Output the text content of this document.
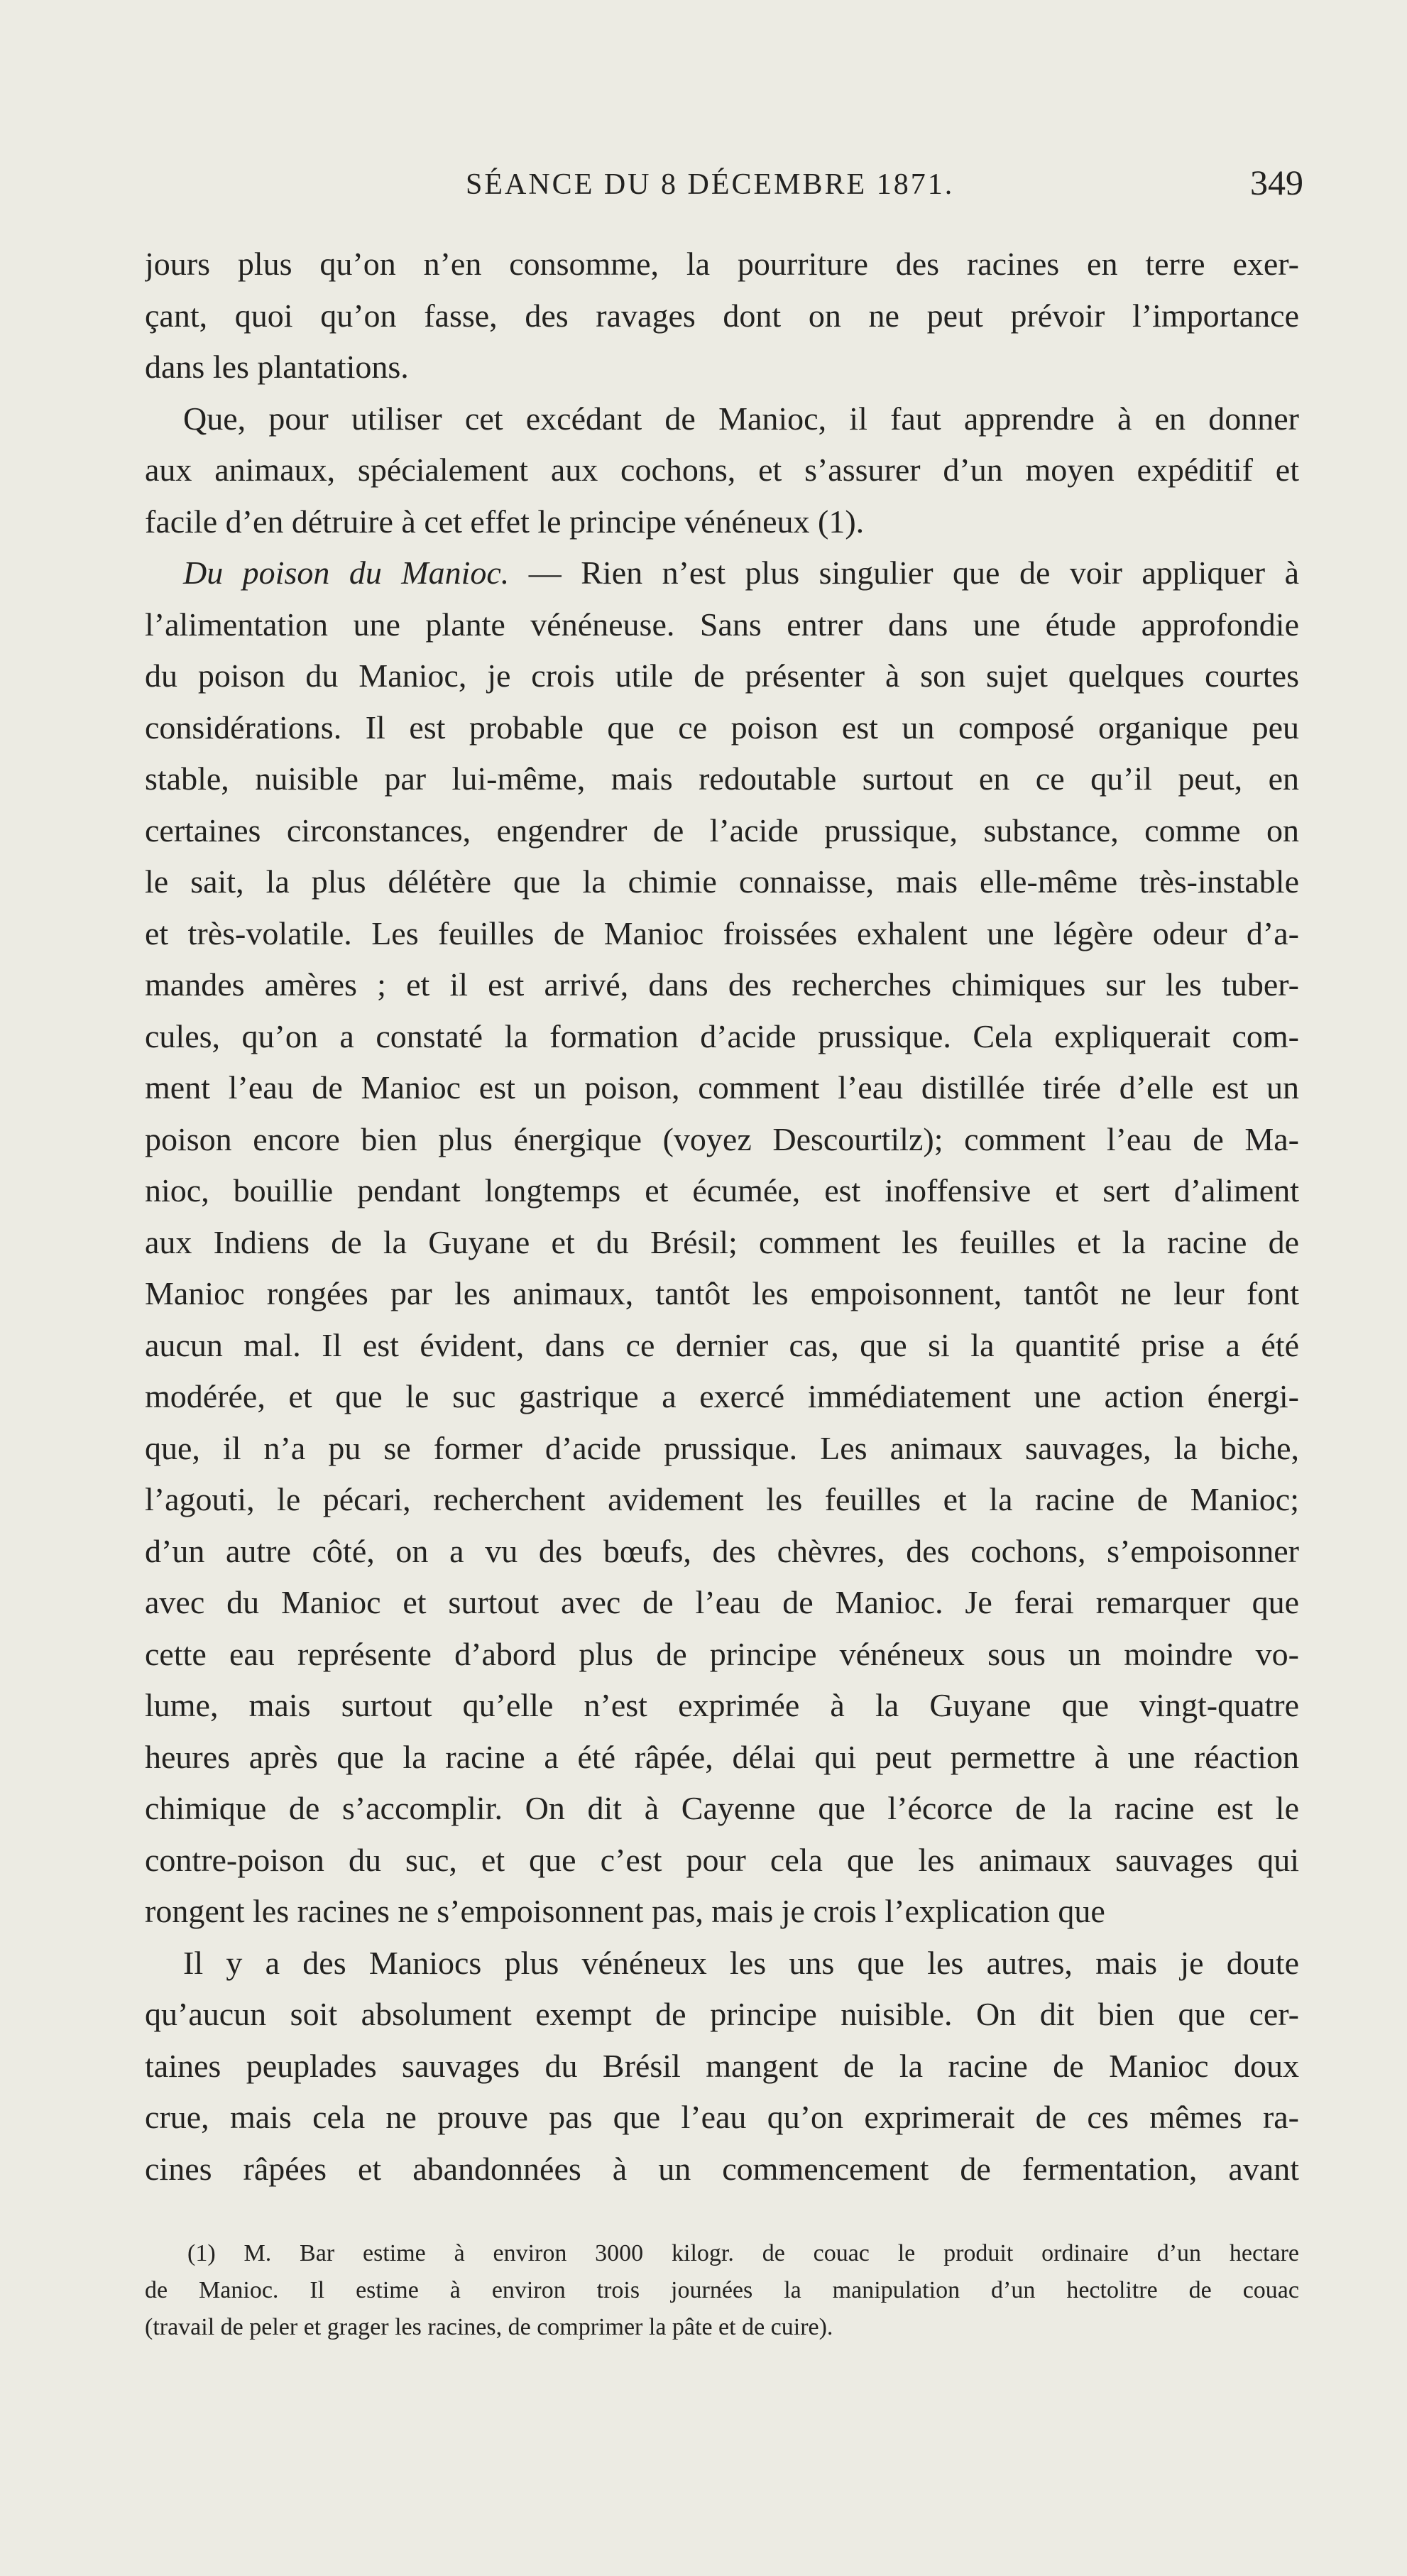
SÉANCE DU 8 DÉCEMBRE 1871.	349
jours plus qu’on n’en consomme, la pourriture des racines en terre exer-
çant, quoi qu’on fasse, des ravages dont on ne peut prévoir l’importance
dans les plantations.
Que, pour utiliser cet excédant de Manioc, il faut apprendre à en donner
aux animaux, spécialement aux cochons, et s’assurer d’un moyen expéditif et
facile d’en détruire à cet effet le principe vénéneux (1).
Du poison du Manioc. — Rien n’est plus singulier que de voir appliquer à
l’alimentation une plante vénéneuse. Sans entrer dans une étude approfondie
du poison du Manioc, je crois utile de présenter à son sujet quelques courtes
considérations. Il est probable que ce poison est un composé organique peu
stable, nuisible par lui-même, mais redoutable surtout en ce qu’il peut, en
certaines circonstances, engendrer de l’acide prussique, substance, comme on
le sait, la plus délétère que la chimie connaisse, mais elle-même très-instable
et très-volatile. Les feuilles de Manioc froissées exhalent une légère odeur d’a-
mandes amères ; et il est arrivé, dans des recherches chimiques sur les tuber-
cules, qu’on a constaté la formation d’acide prussique. Cela expliquerait com-
ment l’eau de Manioc est un poison, comment l’eau distillée tirée d’elle est un
poison encore bien plus énergique (voyez Descourtilz); comment l’eau de Ma-
nioc, bouillie pendant longtemps et écumée, est inoffensive et sert d’aliment
aux Indiens de la Guyane et du Brésil; comment les feuilles et la racine de
Manioc rongées par les animaux, tantôt les empoisonnent, tantôt ne leur font
aucun mal. Il est évident, dans ce dernier cas, que si la quantité prise a été
modérée, et que le suc gastrique a exercé immédiatement une action énergi-
que, il n’a pu se former d’acide prussique. Les animaux sauvages, la biche,
l’agouti, le pécari, recherchent avidement les feuilles et la racine de Manioc;
d’un autre côté, on a vu des bœufs, des chèvres, des cochons, s’empoisonner
avec du Manioc et surtout avec de l’eau de Manioc. Je ferai remarquer que
cette eau représente d’abord plus de principe vénéneux sous un moindre vo-
lume, mais surtout qu’elle n’est exprimée à la Guyane que vingt-quatre
heures après que la racine a été râpée, délai qui peut permettre à une réaction
chimique de s’accomplir. On dit à Cayenne que l’écorce de la racine est le
contre-poison du suc, et que c’est pour cela que les animaux sauvages qui
rongent les racines ne s’empoisonnent pas, mais je crois l’explication que
Il y a des Maniocs plus vénéneux les uns que les autres, mais je doute
qu’aucun soit absolument exempt de principe nuisible. On dit bien que cer-
taines peuplades sauvages du Brésil mangent de la racine de Manioc doux
crue, mais cela ne prouve pas que l’eau qu’on exprimerait de ces mêmes ra-
cines râpées et abandonnées à un commencement de fermentation, avant
(1) M. Bar estime à environ 3000 kilogr. de couac le produit ordinaire d’un hectare
de Manioc. Il estime à environ trois journées la manipulation d’un hectolitre de couac
(travail de peler et grager les racines, de comprimer la pâte et de cuire).
